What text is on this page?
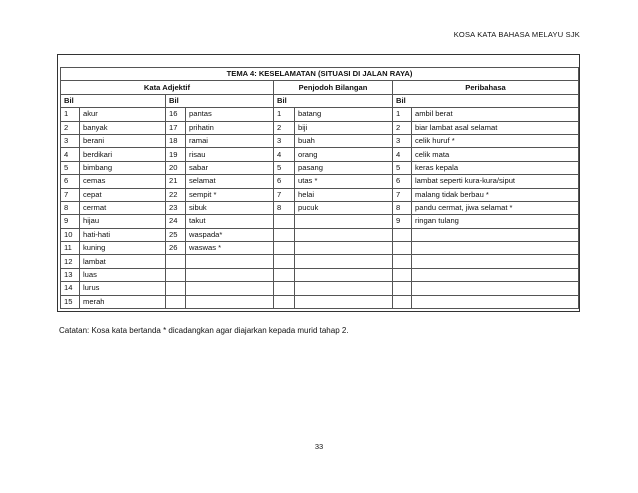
KOSA KATA BAHASA MELAYU SJK
TEMA 4: KESELAMATAN (SITUASI DI JALAN RAYA)							
Kata Adjektif				Penjodoh Bilangan		Peribahasa	
Bil		Bil		Bil		Bil	
1	akur	16	pantas	1	batang	1	ambil berat
2	banyak	17	prihatin	2	biji	2	biar lambat asal selamat
3	berani	18	ramai	3	buah	3	celik huruf *
4	berdikari	19	risau	4	orang	4	celik mata
5	bimbang	20	sabar	5	pasang	5	keras kepala
6	cemas	21	selamat	6	utas *	6	lambat seperti kura-kura/siput
7	cepat	22	sempit *	7	helai	7	malang tidak berbau *
8	cermat	23	sibuk	8	pucuk	8	pandu cermat, jiwa selamat *
9	hijau	24	takut			9	ringan tulang
10	hati-hati	25	waspada*				
11	kuning	26	waswas *				
12	lambat						
13	luas						
14	lurus						
15	merah						
Catatan: Kosa kata bertanda * dicadangkan agar diajarkan kepada murid tahap 2.
33
